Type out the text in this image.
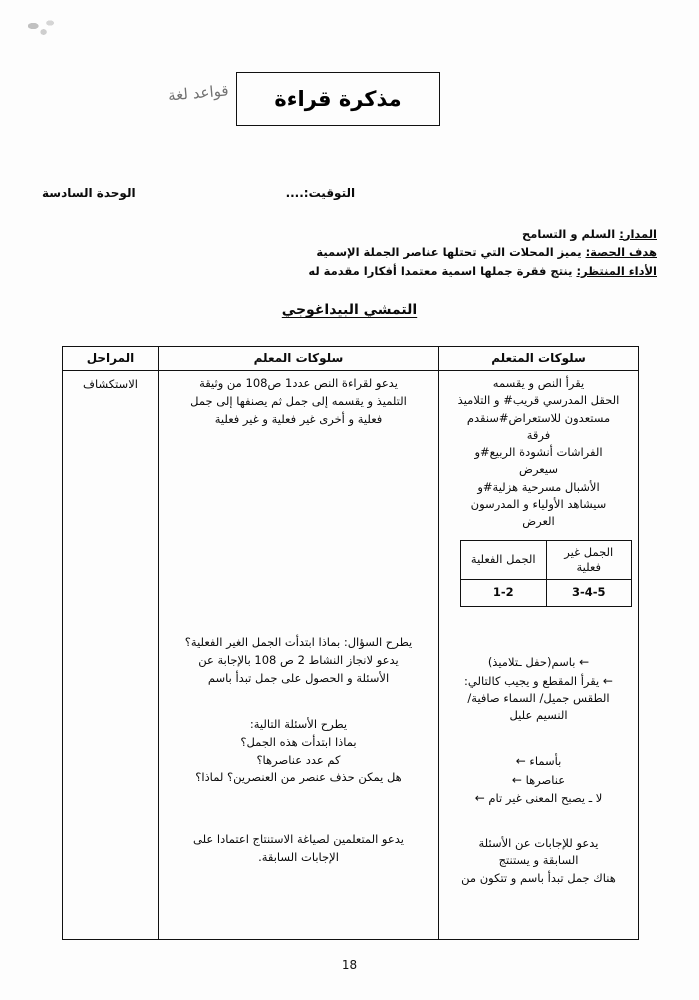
مذكرة قراءة
قواعد لغة
الوحدة السادسة	التوقيت:....
المدار: السلم و التسامح
هدف الحصة: يميز المحلات التي تحتلها عناصر الجملة الإسمية
الأداء المنتظر: ينتج فقرة جملها اسمية معتمدا أفكارا مقدمة له
التمشي البيداغوجي
سلوكات المتعلم	سلوكات المعلم	المراحل

يقرأ النص و يقسمه
الحقل المدرسي قريب# و التلاميذ
مستعدون للاستعراض#سنقدم
فرقة
الفراشات أنشودة الربيع#و
سيعرض
الأشبال مسرحية هزلية#و
سيشاهد الأولياء و المدرسون
العرض
الجمل غير فعلية	الجمل الفعلية
3-4-5	1-2
← باسم(حفل ـتلاميذ)
← يقرأ المقطع و يجيب كالتالي:
الطقس جميل/ السماء صافية/
النسيم عليل
بأسماء ←
عناصرها ←
لا ـ يصبح المعنى غير تام ←
يدعو للإجابات عن الأسئلة
السابقة و يستنتج
هناك جمل تبدأ باسم و تتكون من

يدعو لقراءة النص عدد1 ص108 من وثيقة
التلميذ و يقسمه إلى جمل ثم يصنفها إلى جمل
فعلية و أخرى غير فعلية و غير فعلية
يطرح السؤال: بماذا ابتدأت الجمل الغير الفعلية؟
يدعو لانجاز النشاط 2 ص 108 بالإجابة عن
الأسئلة و الحصول على جمل تبدأ باسم
يطرح الأسئلة التالية:
بماذا ابتدأت هذه الجمل؟
كم عدد عناصرها؟
هل يمكن حذف عنصر من العنصرين؟ لماذا؟
يدعو المتعلمين لصياغة الاستنتاج اعتمادا على
الإجابات السابقة.

الاستكشاف
18
